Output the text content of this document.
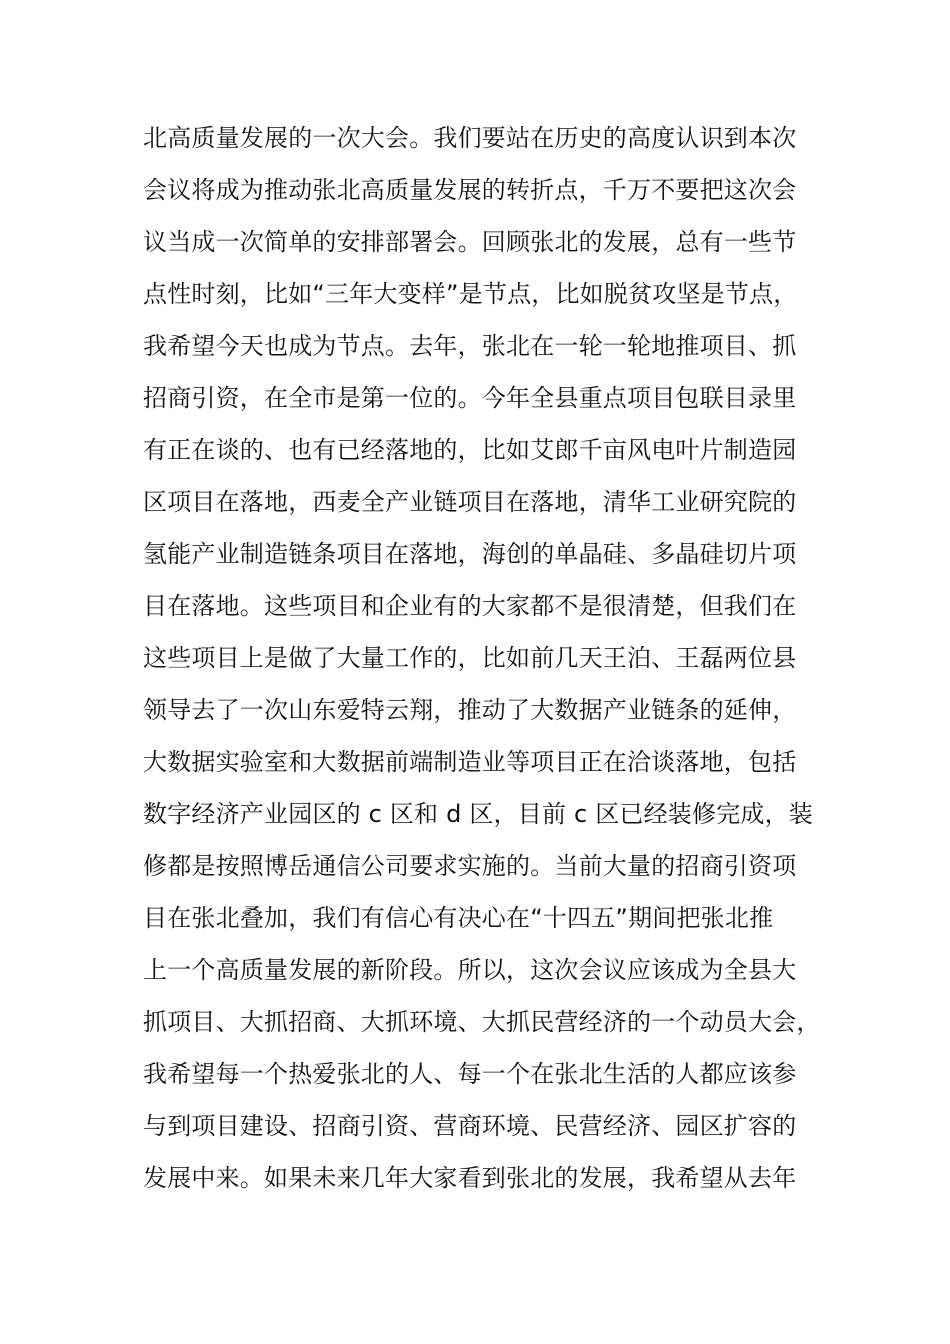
北高质量发展的一次大会。我们要站在历史的高度认识到本次
会议将成为推动张北高质量发展的转折点，千万不要把这次会
议当成一次简单的安排部署会。回顾张北的发展，总有一些节
点性时刻，比如“三年大变样”是节点，比如脱贫攻坚是节点，
我希望今天也成为节点。去年，张北在一轮一轮地推项目、抓
招商引资，在全市是第一位的。今年全县重点项目包联目录里
有正在谈的、也有已经落地的，比如艾郎千亩风电叶片制造园
区项目在落地，西麦全产业链项目在落地，清华工业研究院的
氢能产业制造链条项目在落地，海创的单晶硅、多晶硅切片项
目在落地。这些项目和企业有的大家都不是很清楚，但我们在
这些项目上是做了大量工作的，比如前几天王泊、王磊两位县
领导去了一次山东爱特云翔，推动了大数据产业链条的延伸，
大数据实验室和大数据前端制造业等项目正在洽谈落地，包括
数字经济产业园区的 c 区和 d 区，目前 c 区已经装修完成，装
修都是按照博岳通信公司要求实施的。当前大量的招商引资项
目在张北叠加，我们有信心有决心在“十四五”期间把张北推
上一个高质量发展的新阶段。所以，这次会议应该成为全县大
抓项目、大抓招商、大抓环境、大抓民营经济的一个动员大会，
我希望每一个热爱张北的人、每一个在张北生活的人都应该参
与到项目建设、招商引资、营商环境、民营经济、园区扩容的
发展中来。如果未来几年大家看到张北的发展，我希望从去年
